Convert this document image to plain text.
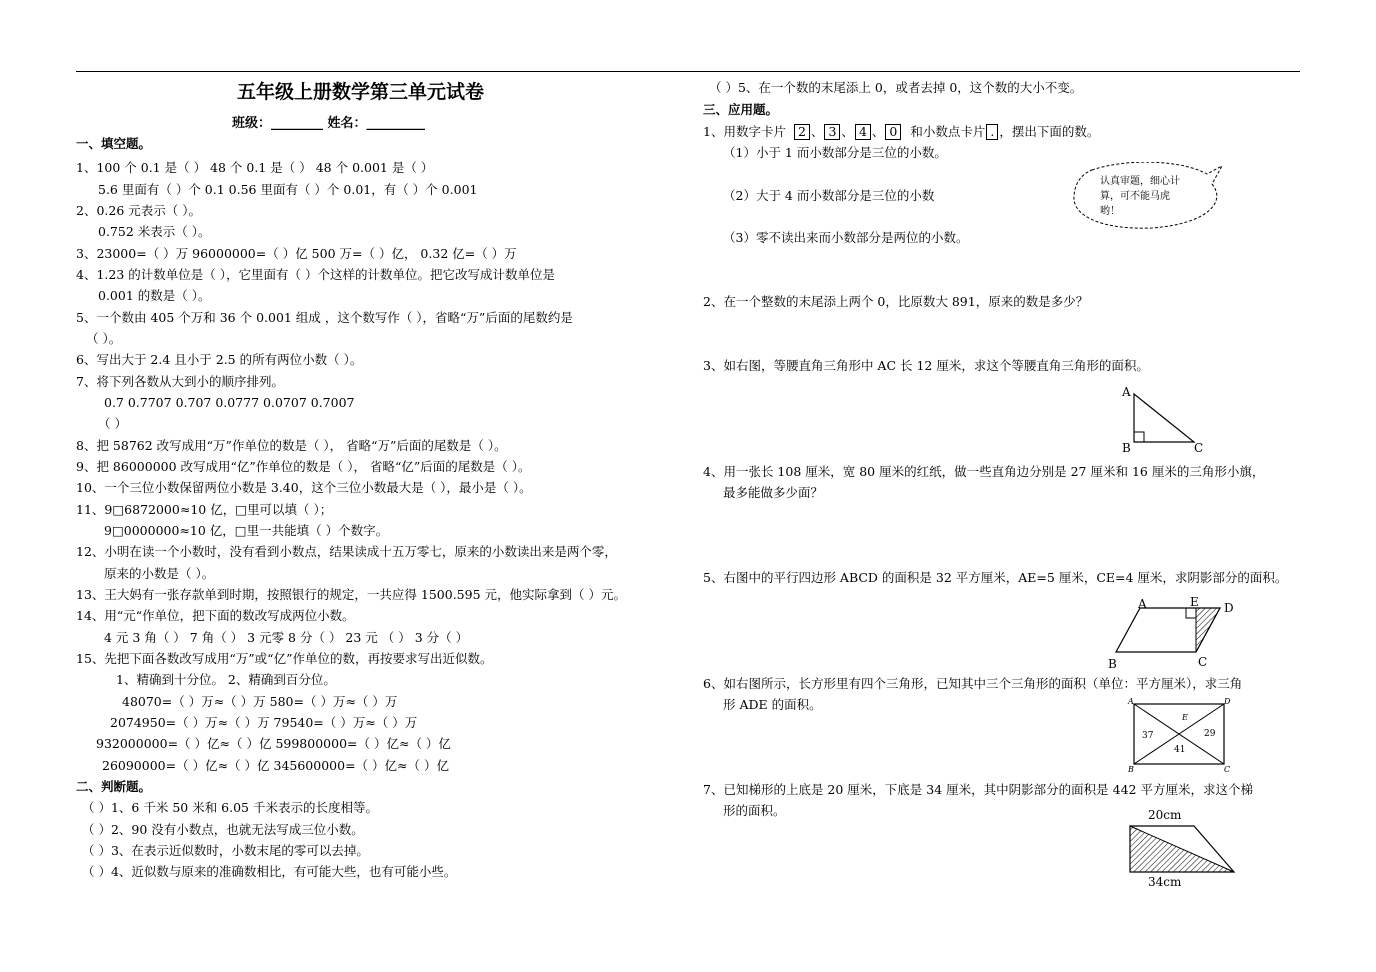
五年级上册数学第三单元试卷
班级：________ 姓名：_________
一、填空题。
1、100 个 0.1 是（ ） 48 个 0.1 是（ ） 48 个 0.001 是（ ）
5.6 里面有（ ）个 0.1 0.56 里面有（ ）个 0.01，有（ ）个 0.001
2、0.26 元表示（ ）。
0.752 米表示（ ）。
3、23000=（ ）万 96000000=（ ）亿 500 万=（ ）亿， 0.32 亿=（ ）万
4、1.23 的计数单位是（ ），它里面有（ ）个这样的计数单位。把它改写成计数单位是
0.001 的数是（ ）。
5、一个数由 405 个万和 36 个 0.001 组成 ，这个数写作（ ），省略“万”后面的尾数约是
（ ）。
6、写出大于 2.4 且小于 2.5 的所有两位小数（ ）。
7、将下列各数从大到小的顺序排列。
0.7 0.7707 0.707 0.0777 0.0707 0.7007
（ ）
8、把 58762 改写成用“万”作单位的数是（ ）， 省略“万”后面的尾数是（ ）。
9、把 86000000 改写成用“亿”作单位的数是（ ）， 省略“亿”后面的尾数是（ ）。
10、一个三位小数保留两位小数是 3.40，这个三位小数最大是（ ），最小是（ ）。
11、9□6872000≈10 亿，□里可以填（ ）；
9□0000000≈10 亿，□里一共能填（ ）个数字。
12、小明在读一个小数时，没有看到小数点，结果读成十五万零七，原来的小数读出来是两个零，
原来的小数是（ ）。
13、王大妈有一张存款单到时期，按照银行的规定，一共应得 1500.595 元，他实际拿到（ ）元。
14、用“元“作单位，把下面的数改写成两位小数。
4 元 3 角（ ） 7 角（ ） 3 元零 8 分（ ） 23 元 （ ） 3 分（ ）
15、先把下面各数改写成用“万”或“亿”作单位的数，再按要求写出近似数。
1、精确到十分位。 2、精确到百分位。
48070=（ ）万≈（ ）万 580=（ ）万≈（ ）万
2074950=（ ）万≈（ ）万 79540=（ ）万≈（ ）万
932000000=（ ）亿≈（ ）亿 599800000=（ ）亿≈（ ）亿
26090000=（ ）亿≈（ ）亿 345600000=（ ）亿≈（ ）亿
二、判断题。
（ ）1、6 千米 50 米和 6.05 千米表示的长度相等。
（ ）2、90 没有小数点，也就无法写成三位小数。
（ ）3、在表示近似数时，小数末尾的零可以去掉。
（ ）4、近似数与原来的准确数相比，有可能大些，也有可能小些。
（ ）5、在一个数的末尾添上 0，或者去掉 0，这个数的大小不变。
三、应用题。
1、用数字卡片
（1）小于 1 而小数部分是三位的小数。
（2）大于 4 而小数部分是三位的小数
（3）零不读出来而小数部分是两位的小数。
2、在一个整数的末尾添上两个 0，比原数大 891，原来的数是多少？
3、如右图，等腰直角三角形中 AC 长 12 厘米，求这个等腰直角三角形的面积。
4、用一张长 108 厘米，宽 80 厘米的红纸，做一些直角边分别是 27 厘米和 16 厘米的三角形小旗，
最多能做多少面？
5、右图中的平行四边形 ABCD 的面积是 32 平方厘米，AE=5 厘米，CE=4 厘米，求阴影部分的面积。
6、如右图所示，长方形里有四个三角形，已知其中三个三角形的面积（单位：平方厘米），求三角
形 ADE 的面积。
7、已知梯形的上底是 20 厘米，下底是 34 厘米，其中阴影部分的面积是 442 平方厘米，求这个梯
形的面积。
2 、 3 、 4 、 0 和小数点卡片 . ，摆出下面的数。
认真审题，细心计
算，可不能马虎
哟！
A
B	C
A	E D
B	C
A	D
E
B	C
37	29
41
20cm
34cm
